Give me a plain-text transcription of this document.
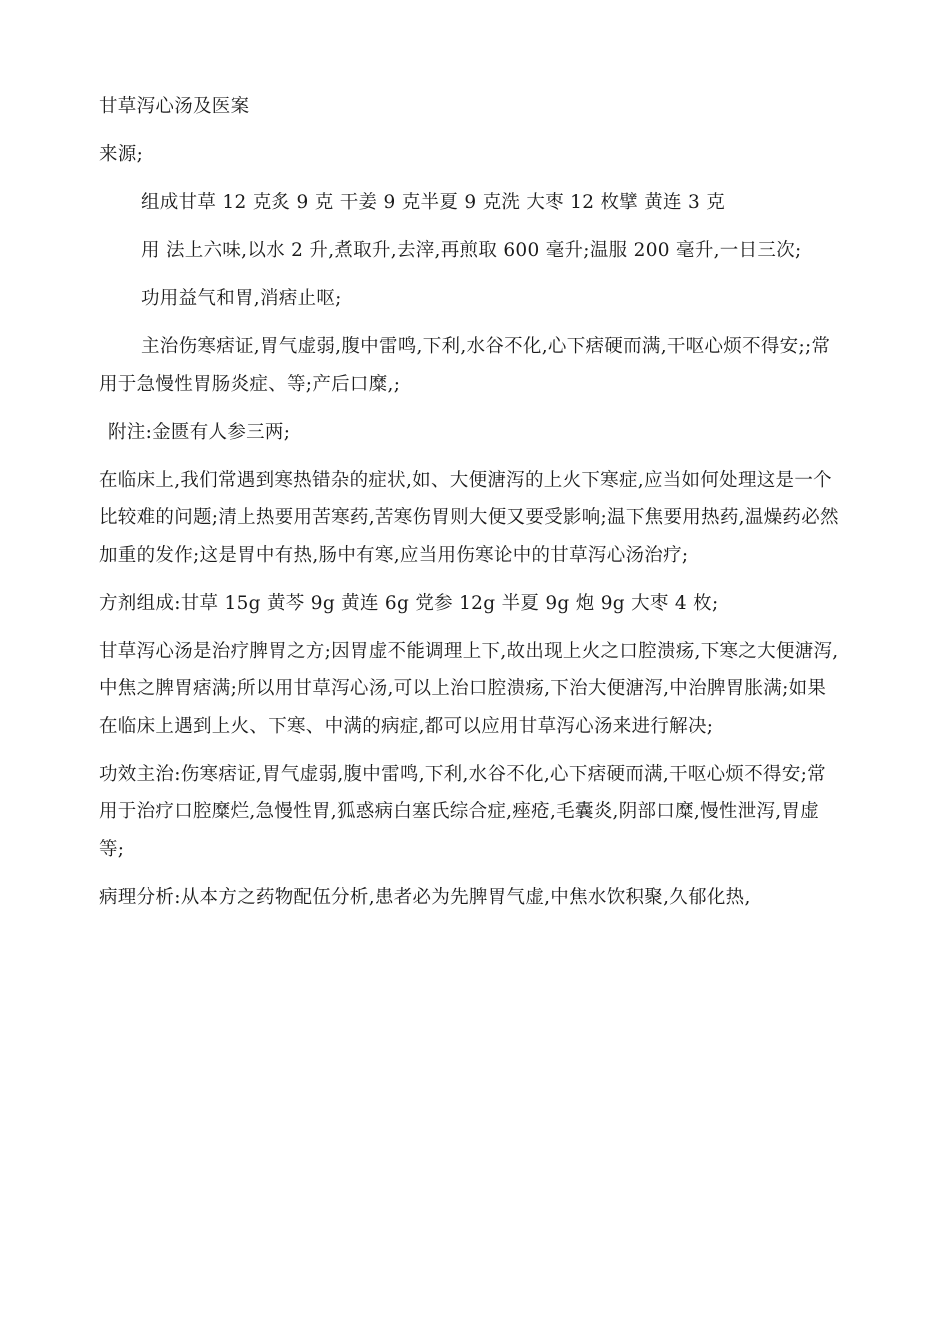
甘草泻心汤及医案

来源;

组成甘草 12 克炙 9 克 干姜 9 克半夏 9 克洗 大枣 12 枚擘 黄连 3 克

用 法上六味,以水 2 升,煮取升,去滓,再煎取 600 毫升;温服 200 毫升,一日三次;

功用益气和胃,消痞止呕;

主治伤寒痞证,胃气虚弱,腹中雷鸣,下利,水谷不化,心下痞硬而满,干呕心烦不得安;;常用于急慢性胃肠炎症、等;产后口糜,;

附注:金匮有人参三两;

在临床上,我们常遇到寒热错杂的症状,如、大便溏泻的上火下寒症,应当如何处理这是一个比较难的问题;清上热要用苦寒药,苦寒伤胃则大便又要受影响;温下焦要用热药,温燥药必然加重的发作;这是胃中有热,肠中有寒,应当用伤寒论中的甘草泻心汤治疗;

方剂组成:甘草 15g 黄芩 9g 黄连 6g 党参 12g 半夏 9g 炮 9g 大枣 4 枚;

甘草泻心汤是治疗脾胃之方;因胃虚不能调理上下,故出现上火之口腔溃疡,下寒之大便溏泻,中焦之脾胃痞满;所以用甘草泻心汤,可以上治口腔溃疡,下治大便溏泻,中治脾胃胀满;如果在临床上遇到上火、下寒、中满的病症,都可以应用甘草泻心汤来进行解决;

功效主治:伤寒痞证,胃气虚弱,腹中雷鸣,下利,水谷不化,心下痞硬而满,干呕心烦不得安;常用于治疗口腔糜烂,急慢性胃,狐惑病白塞氏综合症,痤疮,毛囊炎,阴部口糜,慢性泄泻,胃虚等;

病理分析:从本方之药物配伍分析,患者必为先脾胃气虚,中焦水饮积聚,久郁化热,
